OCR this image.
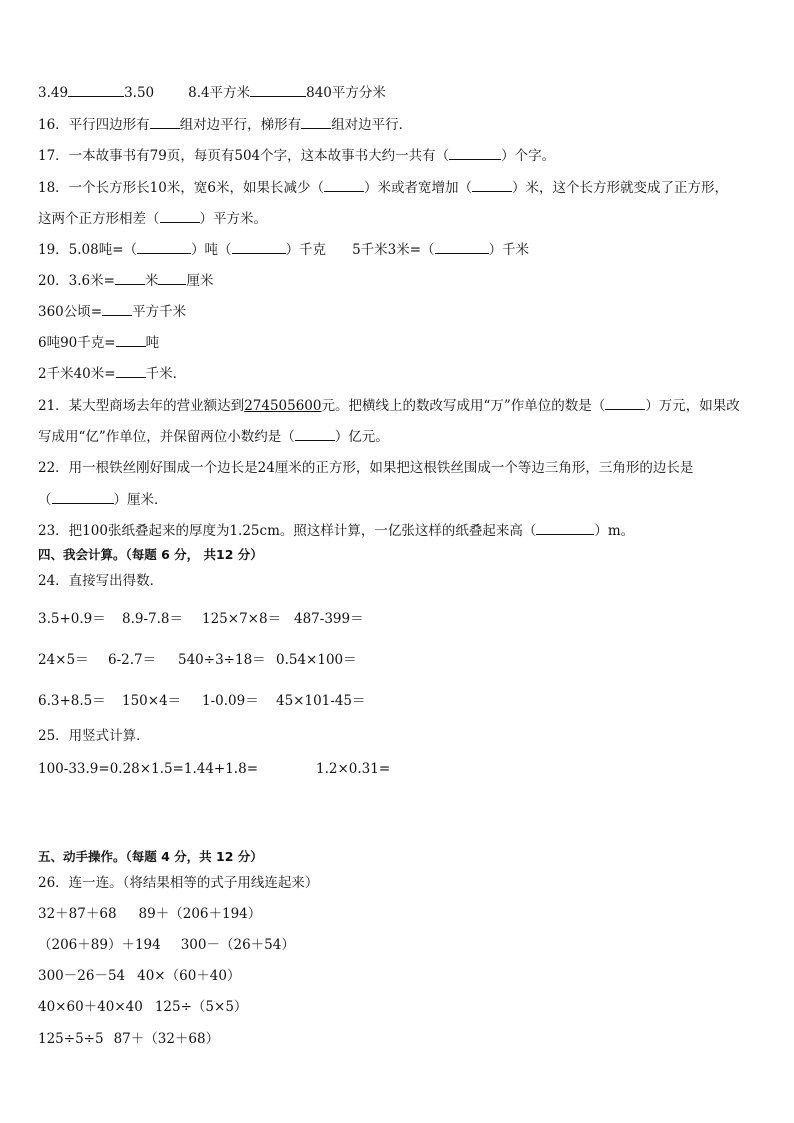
3.49	3.50	8.4平方米	840平方分米
16．平行四边形有 组对边平行，梯形有 组对边平行．
17．一本故事书有79页，每页有504个字，这本故事书大约一共有（	）个字。
18．一个长方形长10米，宽6米，如果长减少（	）米或者宽增加（	）米，这个长方形就变成了正方形，
这两个正方形相差（	）平方米。
19．5.08吨=（	）吨（	）千克 5千米3米=（	）千米
20．3.6米= 米 厘米
360公顷= 平方千米
6吨90千克= 吨
2千米40米= 千米．
21．某大型商场去年的营业额达到274505600元。把横线上的数改写成用“万”作单位的数是（	）万元，如果改
写成用“亿”作单位，并保留两位小数约是（	）亿元。
22．用一根铁丝刚好围成一个边长是24厘米的正方形，如果把这根铁丝围成一个等边三角形，三角形的边长是
（	）厘米．
23．把100张纸叠起来的厚度为1.25cm。照这样计算，一亿张这样的纸叠起来高（	）m。
四、我会计算。（每题 6 分， 共12 分）
24．直接写出得数．
3.5+0.9＝ 8.9-7.8＝ 125×7×8＝ 487-399＝
24×5＝ 6-2.7＝ 540÷3÷18＝ 0.54×100＝
6.3+8.5＝ 150×4＝ 1-0.09＝ 45×101-45＝
25．用竖式计算．
100-33.9=0.28×1.5=1.44+1.8=	1.2×0.31=
五、动手操作。（每题 4 分，共 12 分）
26．连一连。（将结果相等的式子用线连起来）
32＋87＋68 89＋（206＋194）
（206＋89）＋194 300－（26＋54）
300－26－54 40×（60＋40）
40×60＋40×40 125÷（5×5）
125÷5÷5 87＋（32＋68）
